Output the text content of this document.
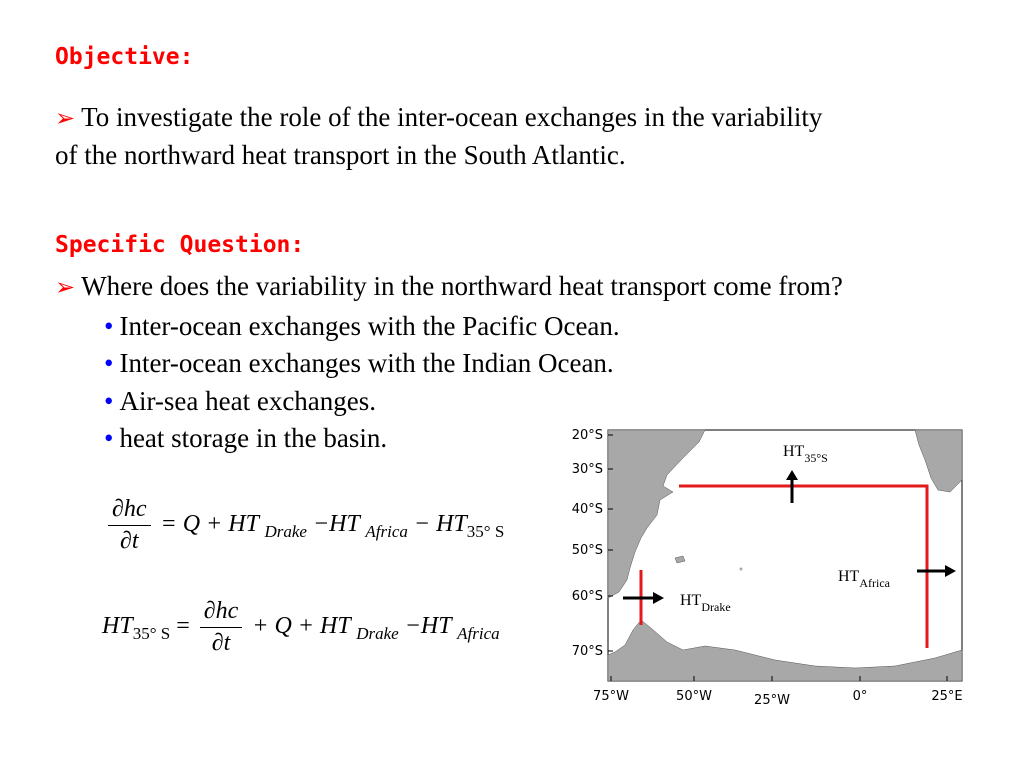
Objective:
➢ To investigate the role of the inter-ocean exchanges in the variability
of the northward heat transport in the South Atlantic.
Specific Question:
➢ Where does the variability in the northward heat transport come from?
• Inter-ocean exchanges with the Pacific Ocean.
• Inter-ocean exchanges with the Indian Ocean.
• Air-sea heat exchanges.
• heat storage in the basin.
$\frac{\partial hc}{\partial t} = Q$ + HT $_{Drake}$ −HT $_{Africa} - HT_{35^\circ S}$
$HT_{35^\circ S} = \frac{\partial hc}{\partial t} + Q$ + HT $_{Drake}$ −HT $_{Africa}$
$HT_{35^\circ S}$
$HT_{Africa}$
$HT_{Drake}$
20°S
30°S
40°S
50°S
60°S
70°S
75°W	50°W	25°W	0°	25°E
